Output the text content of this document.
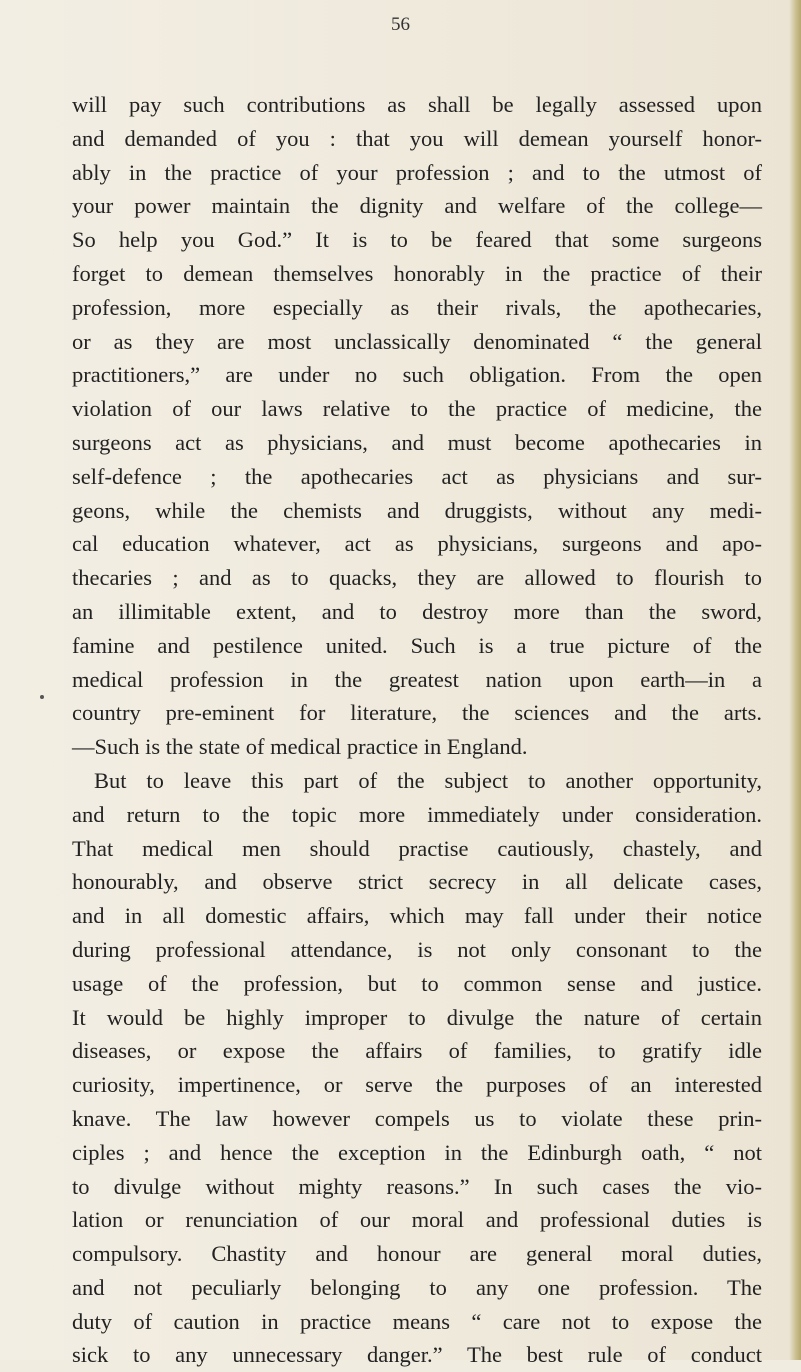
56
will pay such contributions as shall be legally assessed upon
and demanded of you : that you will demean yourself honor-
ably in the practice of your profession ; and to the utmost of
your power maintain the dignity and welfare of the college—
So help you God.” It is to be feared that some surgeons
forget to demean themselves honorably in the practice of their
profession, more especially as their rivals, the apothecaries,
or as they are most unclassically denominated “ the general
practitioners,” are under no such obligation. From the open
violation of our laws relative to the practice of medicine, the
surgeons act as physicians, and must become apothecaries in
self-defence ; the apothecaries act as physicians and sur-
geons, while the chemists and druggists, without any medi-
cal education whatever, act as physicians, surgeons and apo-
thecaries ; and as to quacks, they are allowed to flourish to
an illimitable extent, and to destroy more than the sword,
famine and pestilence united. Such is a true picture of the
medical profession in the greatest nation upon earth—in a
country pre-eminent for literature, the sciences and the arts.
—Such is the state of medical practice in England.
But to leave this part of the subject to another opportunity,
and return to the topic more immediately under consideration.
That medical men should practise cautiously, chastely, and
honourably, and observe strict secrecy in all delicate cases,
and in all domestic affairs, which may fall under their notice
during professional attendance, is not only consonant to the
usage of the profession, but to common sense and justice.
It would be highly improper to divulge the nature of certain
diseases, or expose the affairs of families, to gratify idle
curiosity, impertinence, or serve the purposes of an interested
knave. The law however compels us to violate these prin-
ciples ; and hence the exception in the Edinburgh oath, “ not
to divulge without mighty reasons.” In such cases the vio-
lation or renunciation of our moral and professional duties is
compulsory. Chastity and honour are general moral duties,
and not peculiarly belonging to any one profession. The
duty of caution in practice means “ care not to expose the
sick to any unnecessary danger.” The best rule of conduct
